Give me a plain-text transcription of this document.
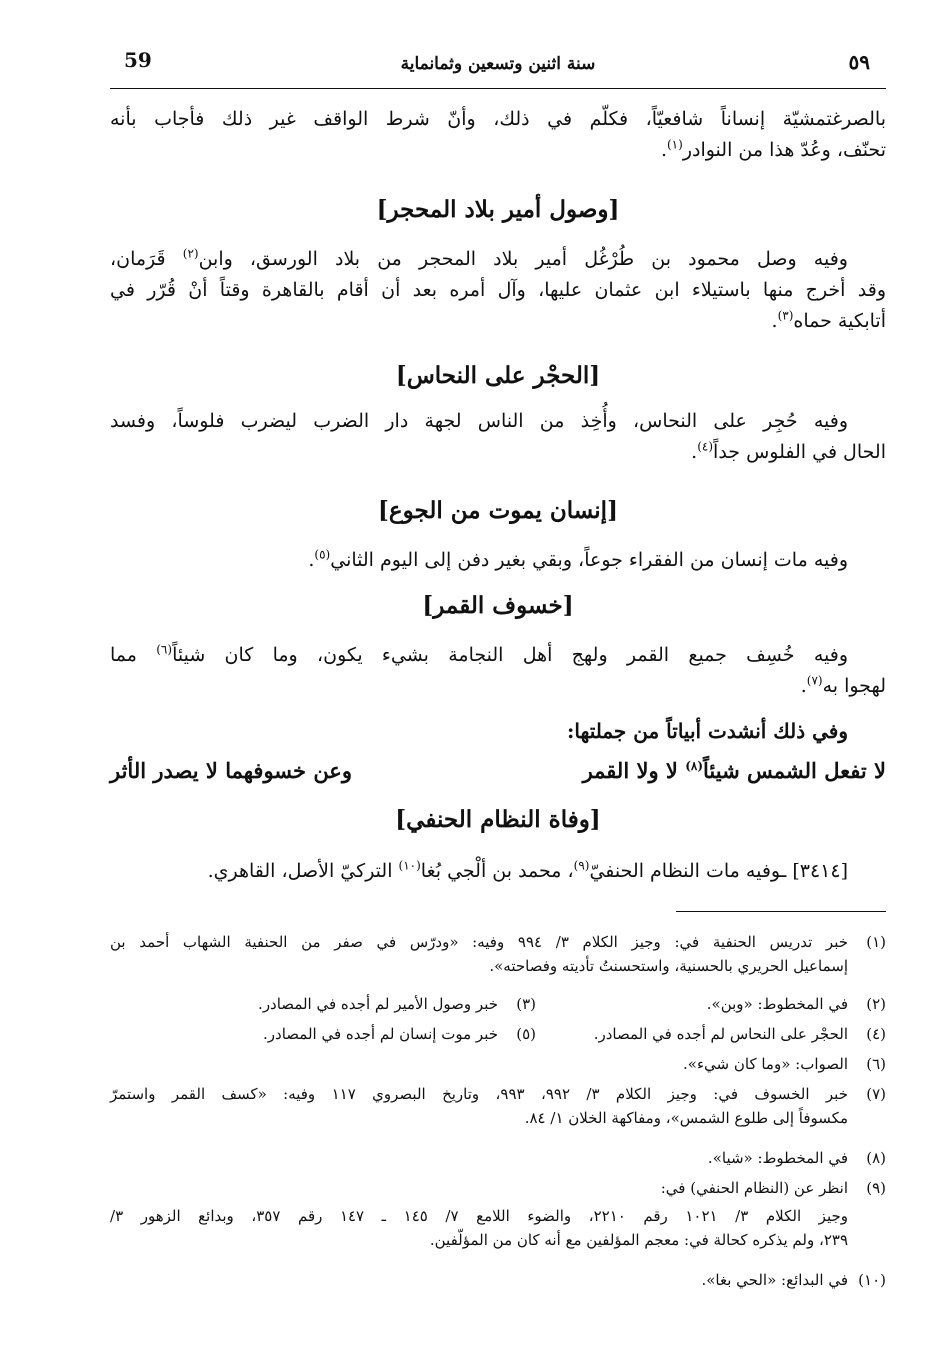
59	سنة اثنين وتسعين وثمانماية	٥٩
بالصرغتمشيّة إنساناً شافعيّاً، فكلّم في ذلك، وأنّ شرط الواقف غير ذلك فأجاب بأنه
تحنّف، وعُدّ هذا من النوادر$^{(١)}$.
[وصول أمير بلاد المحجر]
وفيه وصل محمود بن طُرْغُل أمير بلاد المحجر من بلاد الورسق، وابن$^{(٢)}$ قَرَمان،
وقد أخرج منها باستيلاء ابن عثمان عليها، وآل أمره بعد أن أقام بالقاهرة وقتاً أنْ قُرّر في
أتابكية حماه$^{(٣)}$.
[الحجْر على النحاس]
وفيه حُجِر على النحاس، وأُخِذ من الناس لجهة دار الضرب ليضرب فلوساً، وفسد
الحال في الفلوس جداً$^{(٤)}$.
[إنسان يموت من الجوع]
وفيه مات إنسان من الفقراء جوعاً، وبقي بغير دفن إلى اليوم الثاني$^{(٥)}$.
[خسوف القمر]
وفيه خُسِف جميع القمر ولهج أهل النجامة بشيء يكون، وما كان شيئاً$^{(٦)}$ مما
لهجوا به$^{(٧)}$.
وفي ذلك أنشدت أبياتاً من جملتها:
لا تفعل الشمس شيئاً$^{(٨)}$ لا ولا القمر
وعن خسوفهما لا يصدر الأثر
[وفاة النظام الحنفي]
[٣٤١٤] ـوفيه مات النظام الحنفيّ$^{(٩)}$، محمد بن ألْجي بُغا$^{(١٠)}$ التركيّ الأصل، القاهري.
(١)خبر تدريس الحنفية في: وجيز الكلام ٣/ ٩٩٤ وفيه: «ودرّس في صفر من الحنفية الشهاب أحمد بن
إسماعيل الحريري بالحسنية، واستحسنتُ تأديته وفصاحته».
(٢)في المخطوط: «وبن».
(٣)خبر وصول الأمير لم أجده في المصادر.
(٤)الحجْر على النحاس لم أجده في المصادر.
(٥)خبر موت إنسان لم أجده في المصادر.
(٦)الصواب: «وما كان شيء».
(٧)خبر الخسوف في: وجيز الكلام ٣/ ٩٩٢، ٩٩٣، وتاريخ البصروي ١١٧ وفيه: «كسف القمر واستمرّ
مكسوفاً إلى طلوع الشمس»، ومفاكهة الخلان ١/ ٨٤.
(٨)في المخطوط: «شيا».
(٩)انظر عن (النظام الحنفي) في:
وجيز الكلام ٣/ ١٠٢١ رقم ٢٢١٠، والضوء اللامع ٧/ ١٤٥ ـ ١٤٧ رقم ٣٥٧، وبدائع الزهور ٣/
٢٣٩، ولم يذكره كحالة في: معجم المؤلفين مع أنه كان من المؤلّفين.
(١٠)في البدائع: «الحي بغا».
